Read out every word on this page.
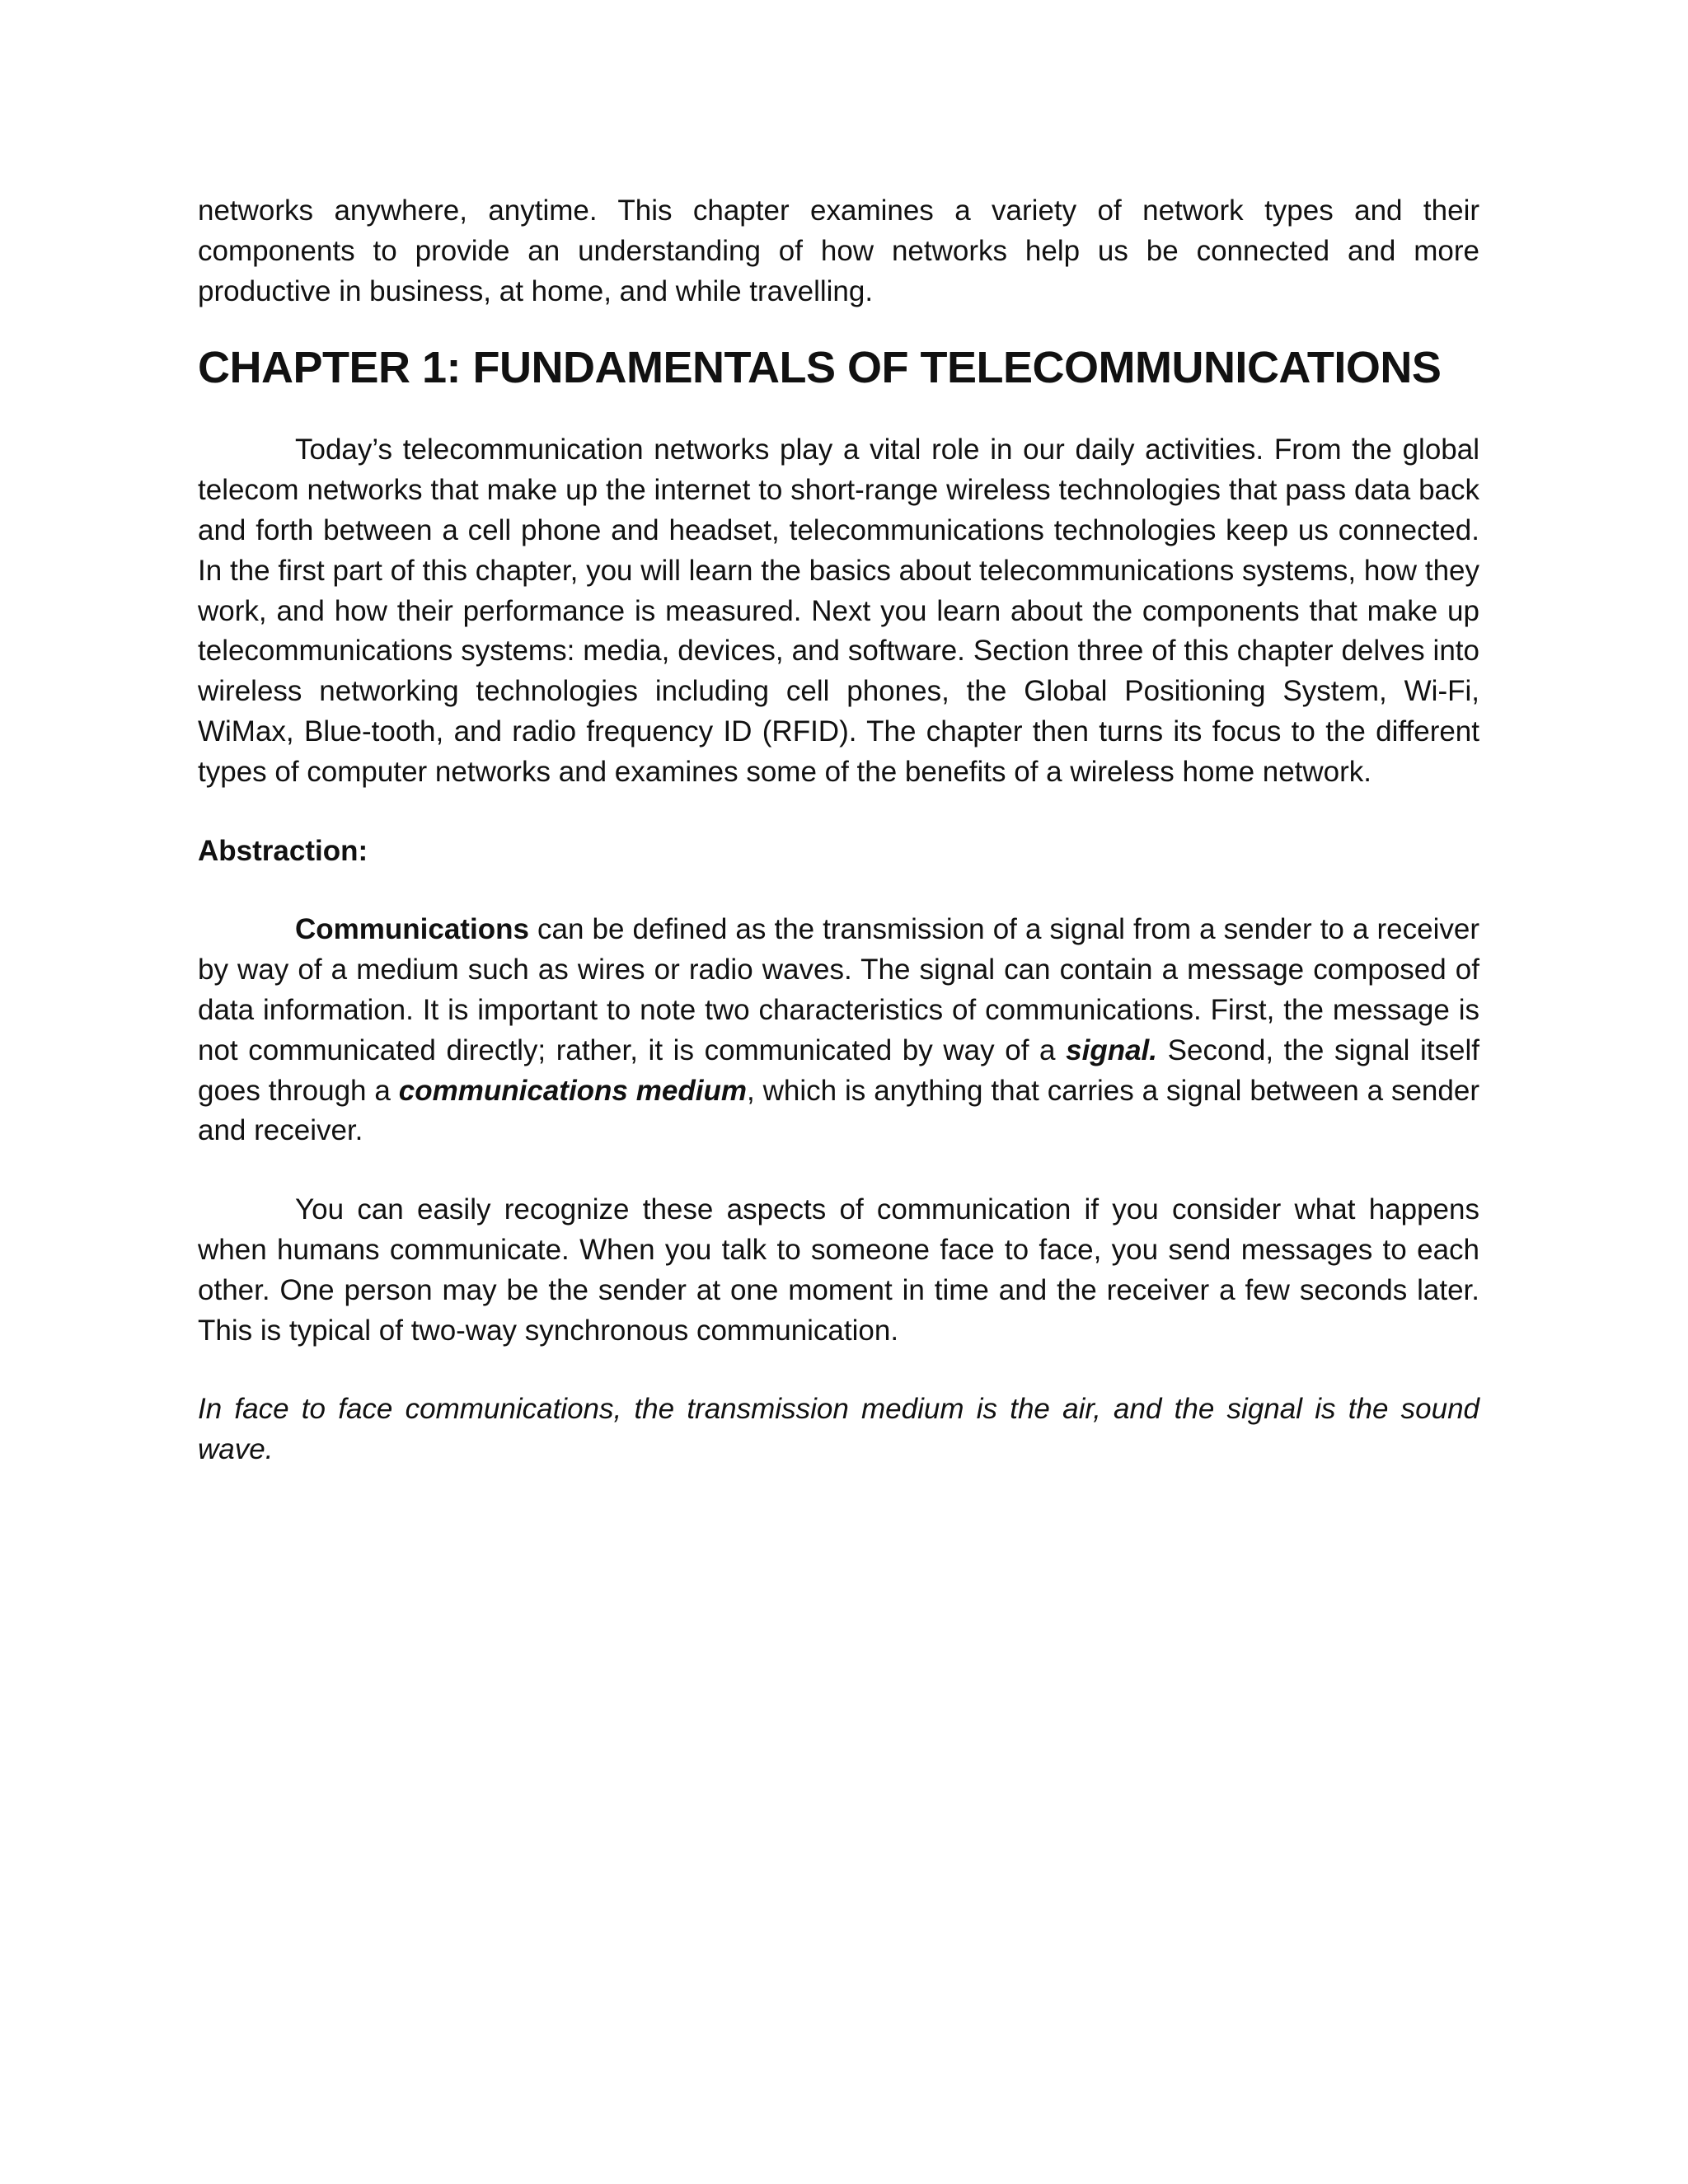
networks anywhere, anytime. This chapter examines a variety of network types and their components to provide an understanding of how networks help us be connected and more productive in business, at home, and while travelling.

CHAPTER 1: FUNDAMENTALS OF TELECOMMUNICATIONS

Today’s telecommunication networks play a vital role in our daily activities. From the global telecom networks that make up the internet to short-range wireless technologies that pass data back and forth between a cell phone and headset, telecommunications technologies keep us connected. In the first part of this chapter, you will learn the basics about telecommunications systems, how they work, and how their performance is measured. Next you learn about the components that make up telecommunications systems: media, devices, and software. Section three of this chapter delves into wireless networking technologies including cell phones, the Global Positioning System, Wi-Fi, WiMax, Blue-tooth, and radio frequency ID (RFID). The chapter then turns its focus to the different types of computer networks and examines some of the benefits of a wireless home network.

Abstraction:

Communications can be defined as the transmission of a signal from a sender to a receiver by way of a medium such as wires or radio waves. The signal can contain a message composed of data information. It is important to note two characteristics of communications. First, the message is not communicated directly; rather, it is communicated by way of a signal. Second, the signal itself goes through a communications medium, which is anything that carries a signal between a sender and receiver.

You can easily recognize these aspects of communication if you consider what happens when humans communicate. When you talk to someone face to face, you send messages to each other. One person may be the sender at one moment in time and the receiver a few seconds later. This is typical of two-way synchronous communication.

In face to face communications, the transmission medium is the air, and the signal is the sound wave.
